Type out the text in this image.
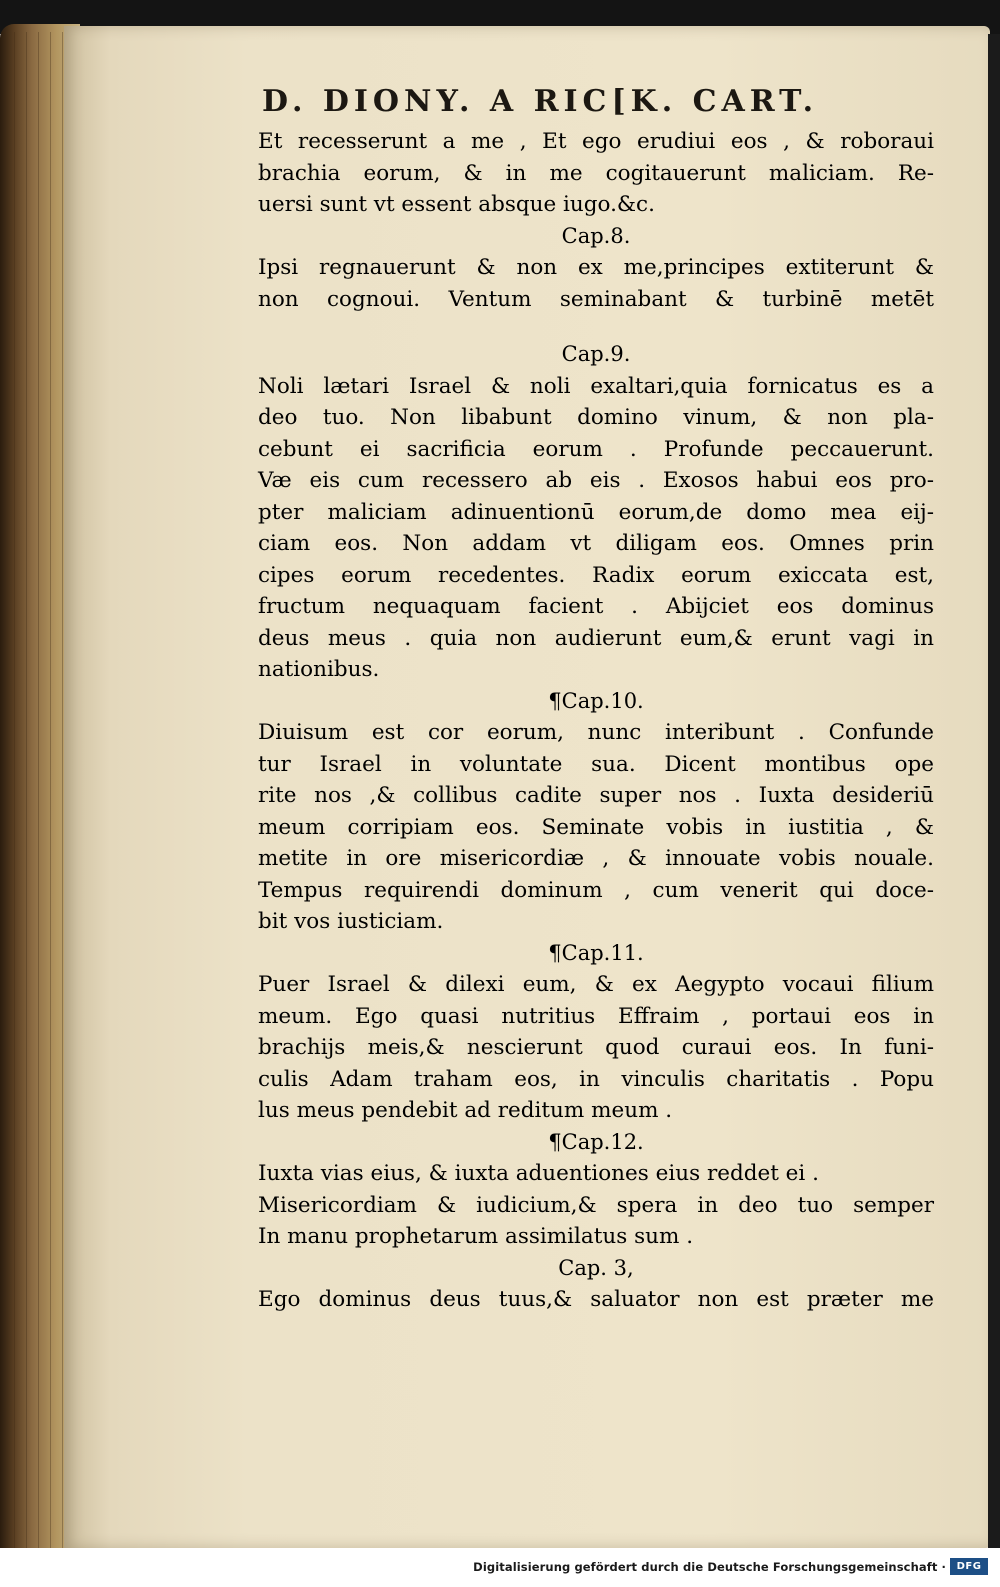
D. DIONY. A RIC[K. CART.
Et recesserunt a me , Et ego erudiui eos , & roboraui
brachia eorum, & in me cogitauerunt maliciam. Re-
uersi sunt vt essent absque iugo.&c.
Cap.8.
Ipsi regnauerunt & non ex me,principes extiterunt &
non cognoui. Ventum seminabant & turbinē metēt
Cap.9.
Noli lætari Israel & noli exaltari,quia fornicatus es a
deo tuo. Non libabunt domino vinum, & non pla-
cebunt ei sacrificia eorum . Profunde peccauerunt.
Væ eis cum recessero ab eis . Exosos habui eos pro-
pter maliciam adinuentionū eorum,de domo mea eij-
ciam eos. Non addam vt diligam eos. Omnes prin
cipes eorum recedentes. Radix eorum exiccata est,
fructum nequaquam facient . Abijciet eos dominus
deus meus . quia non audierunt eum,& erunt vagi in
nationibus.
¶Cap.10.
Diuisum est cor eorum, nunc interibunt . Confunde
tur Israel in voluntate sua. Dicent montibus ope
rite nos ,& collibus cadite super nos . Iuxta desideriū
meum corripiam eos. Seminate vobis in iustitia , &
metite in ore misericordiæ , & innouate vobis nouale.
Tempus requirendi dominum , cum venerit qui doce-
bit vos iusticiam.
¶Cap.11.
Puer Israel & dilexi eum, & ex Aegypto vocaui filium
meum. Ego quasi nutritius Effraim , portaui eos in
brachijs meis,& nescierunt quod curaui eos. In funi-
culis Adam traham eos, in vinculis charitatis . Popu
lus meus pendebit ad reditum meum .
¶Cap.12.
Iuxta vias eius, & iuxta aduentiones eius reddet ei .
Misericordiam & iudicium,& spera in deo tuo semper
In manu prophetarum assimilatus sum .
Cap. 3,
Ego dominus deus tuus,& saluator non est præter me
Digitalisierung gefördert durch die Deutsche Forschungsgemeinschaft ·	DFG
